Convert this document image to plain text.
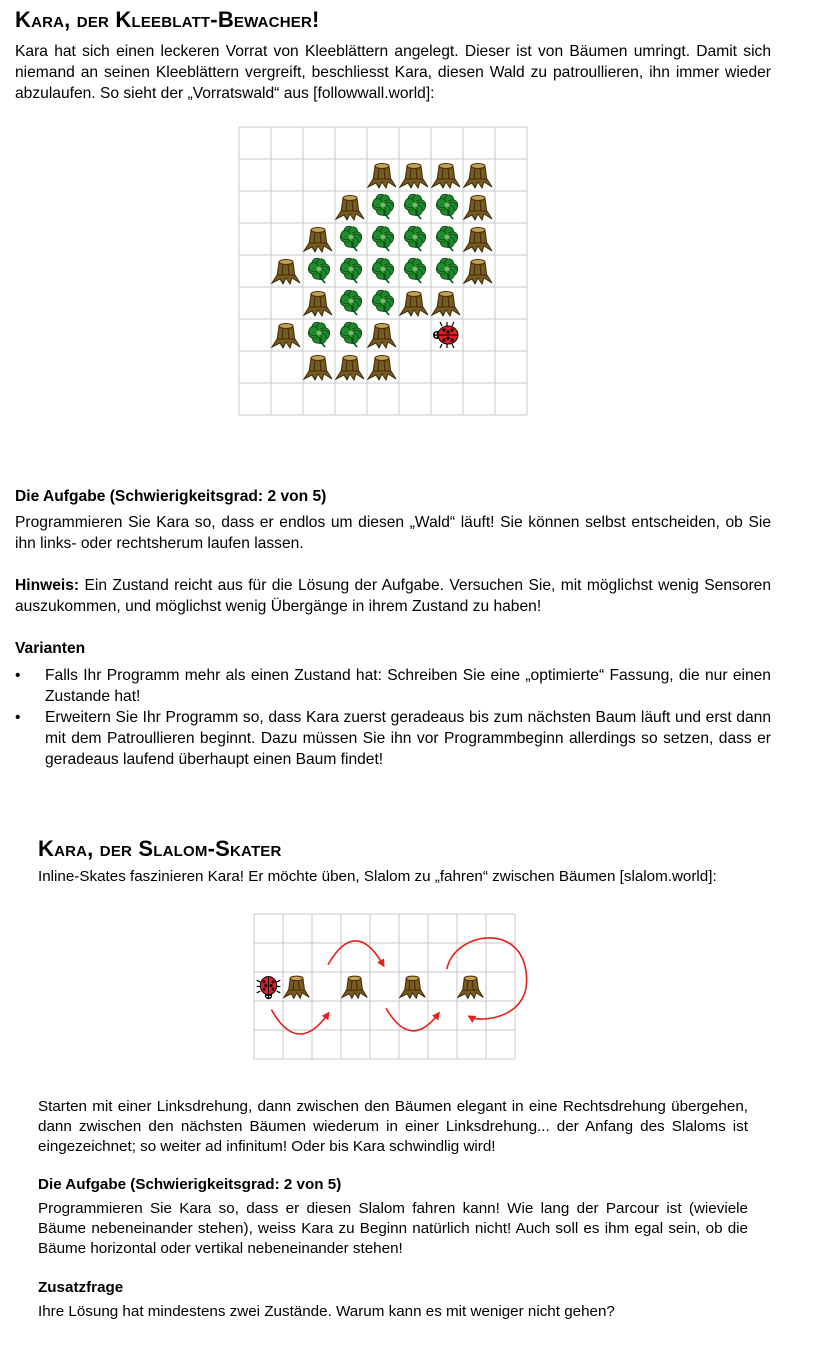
Kara, der Kleeblatt-Bewacher!
Kara hat sich einen leckeren Vorrat von Kleeblättern angelegt. Dieser ist von Bäumen umringt. Damit sich niemand an seinen Kleeblättern vergreift, beschliesst Kara, diesen Wald zu patroullieren, ihn immer wieder abzulaufen. So sieht der „Vorratswald“ aus [followwall.world]:
Die Aufgabe (Schwierigkeitsgrad: 2 von 5)
Programmieren Sie Kara so, dass er endlos um diesen „Wald“ läuft! Sie können selbst entscheiden, ob Sie ihn links- oder rechtsherum laufen lassen.
Hinweis: Ein Zustand reicht aus für die Lösung der Aufgabe. Versuchen Sie, mit möglichst wenig Sensoren auszukommen, und möglichst wenig Übergänge in ihrem Zustand zu haben!
Varianten
• Falls Ihr Programm mehr als einen Zustand hat: Schreiben Sie eine „optimierte“ Fassung, die nur einen Zustande hat!
• Erweitern Sie Ihr Programm so, dass Kara zuerst geradeaus bis zum nächsten Baum läuft und erst dann mit dem Patroullieren beginnt. Dazu müssen Sie ihn vor Programmbeginn allerdings so setzen, dass er geradeaus laufend überhaupt einen Baum findet!
Kara, der Slalom-Skater
Inline-Skates faszinieren Kara! Er möchte üben, Slalom zu „fahren“ zwischen Bäumen [slalom.world]:
Starten mit einer Linksdrehung, dann zwischen den Bäumen elegant in eine Rechtsdrehung übergehen, dann zwischen den nächsten Bäumen wiederum in einer Linksdrehung... der Anfang des Slaloms ist eingezeichnet; so weiter ad infinitum! Oder bis Kara schwindlig wird!
Die Aufgabe (Schwierigkeitsgrad: 2 von 5)
Programmieren Sie Kara so, dass er diesen Slalom fahren kann! Wie lang der Parcour ist (wieviele Bäume nebeneinander stehen), weiss Kara zu Beginn natürlich nicht! Auch soll es ihm egal sein, ob die Bäume horizontal oder vertikal nebeneinander stehen!
Zusatzfrage
Ihre Lösung hat mindestens zwei Zustände. Warum kann es mit weniger nicht gehen?
